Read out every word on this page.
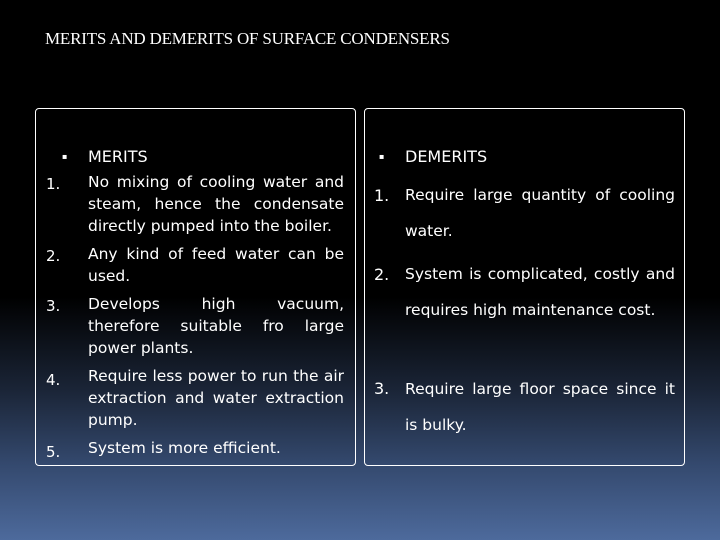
MERITS AND DEMERITS OF SURFACE CONDENSERS
▪ MERITS
1. No mixing of cooling water and steam, hence the condensate directly pumped into the boiler.
2. Any kind of feed water can be used.
3. Develops high vacuum, therefore suitable fro large power plants.
4. Require less power to run the air extraction and water extraction pump.
5. System is more efficient.
▪ DEMERITS
1. Require large quantity of cooling water.
2. System is complicated, costly and requires high maintenance cost.
3. Require large floor space since it is bulky.
